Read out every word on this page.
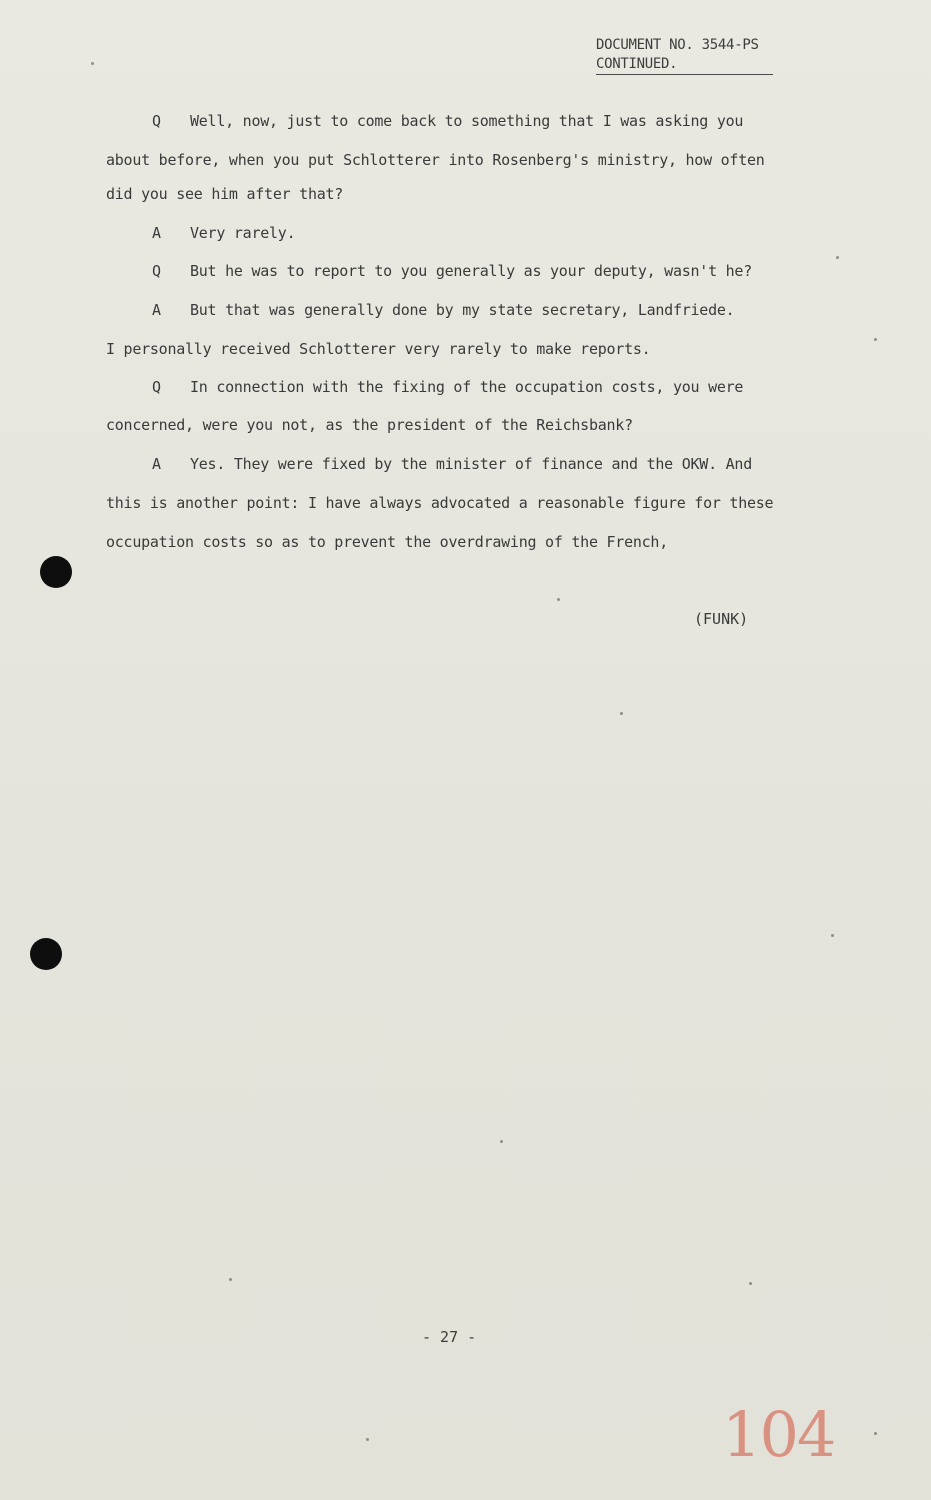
DOCUMENT NO. 3544-PS
CONTINUED.
Q Well, now, just to come back to something that I was asking you
about before, when you put Schlotterer into Rosenberg's ministry, how often
did you see him after that?
A Very rarely.
Q But he was to report to you generally as your deputy, wasn't he?
A But that was generally done by my state secretary, Landfriede.
I personally received Schlotterer very rarely to make reports.
Q In connection with the fixing of the occupation costs, you were
concerned, were you not, as the president of the Reichsbank?
A Yes. They were fixed by the minister of finance and the OKW. And
this is another point: I have always advocated a reasonable figure for these
occupation costs so as to prevent the overdrawing of the French,
(FUNK)
- 27 -
104
